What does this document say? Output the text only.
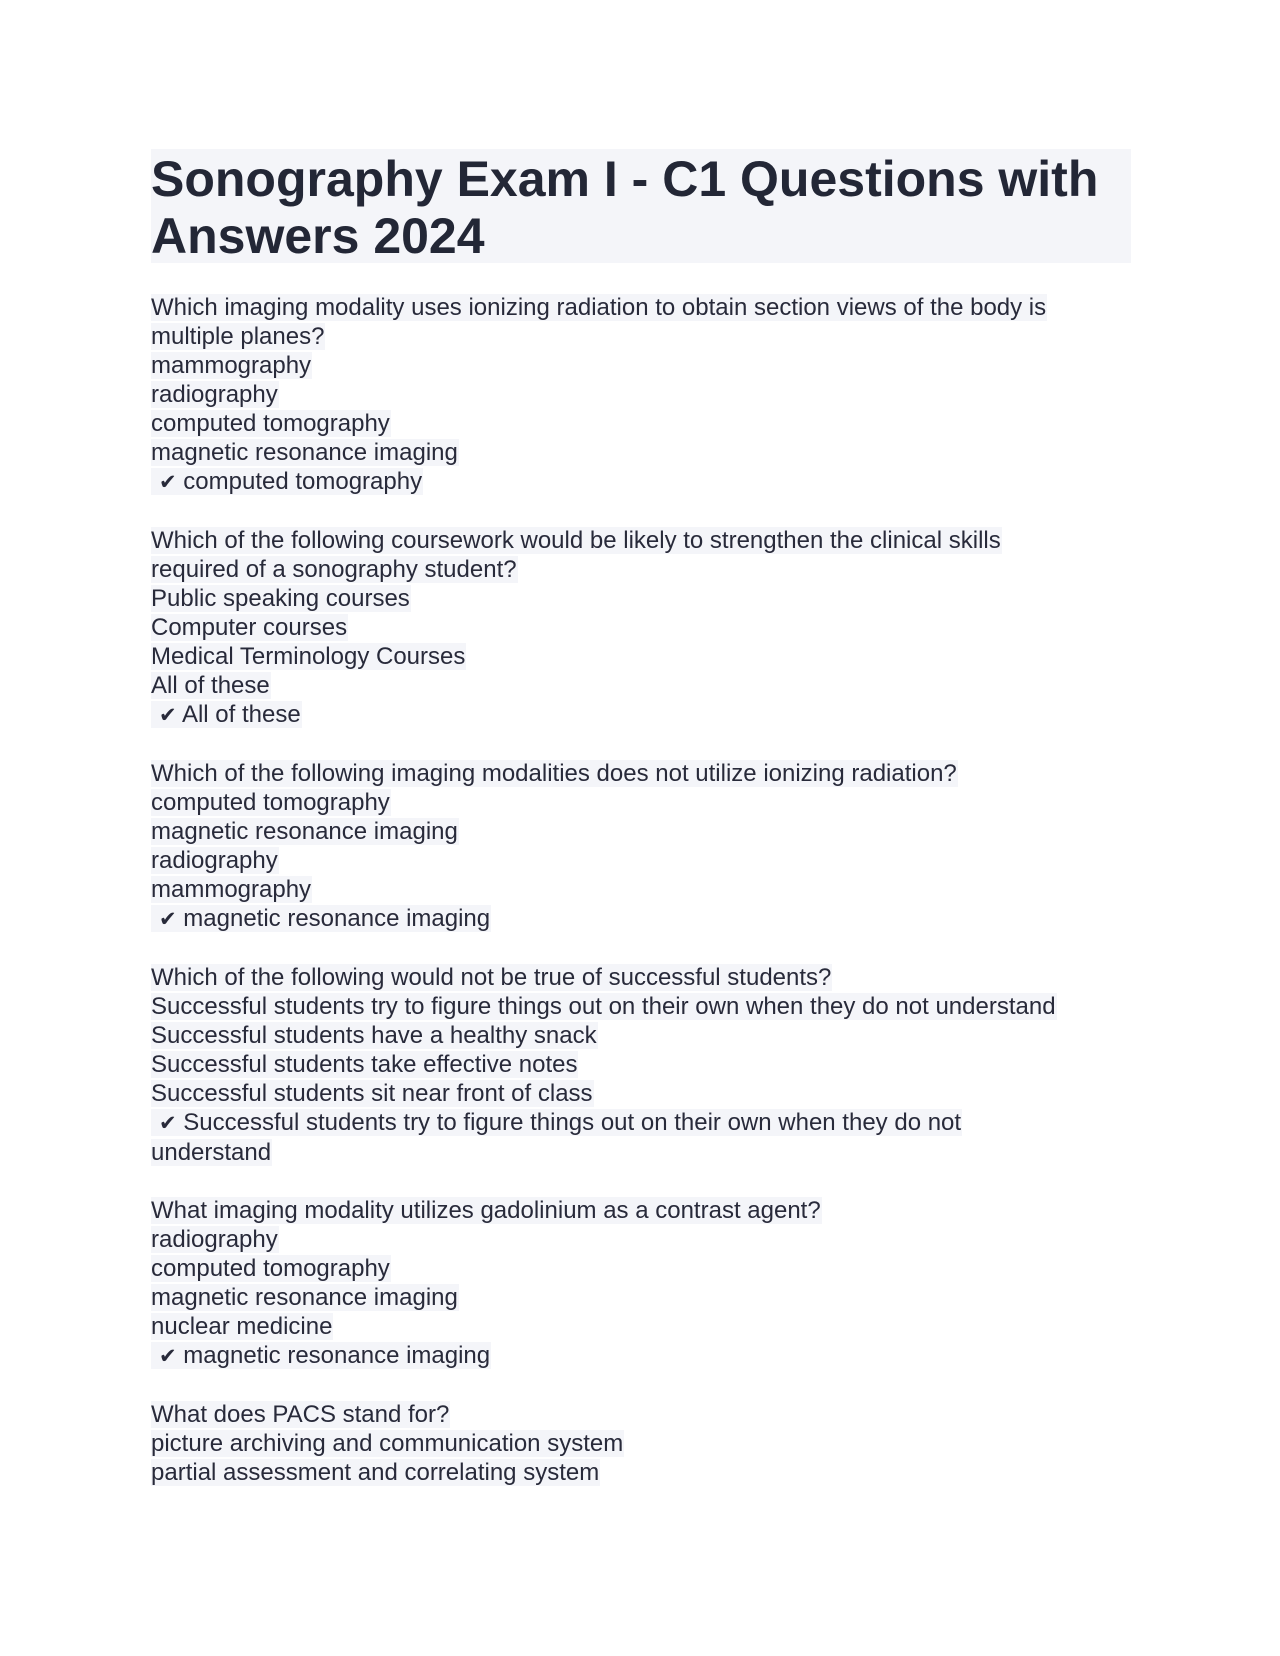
Sonography Exam I - C1 Questions with Answers 2024
Which imaging modality uses ionizing radiation to obtain section views of the body is
multiple planes?
mammography
radiography
computed tomography
magnetic resonance imaging
✔ computed tomography
Which of the following coursework would be likely to strengthen the clinical skills
required of a sonography student?
Public speaking courses
Computer courses
Medical Terminology Courses
All of these
✔ All of these
Which of the following imaging modalities does not utilize ionizing radiation?
computed tomography
magnetic resonance imaging
radiography
mammography
✔ magnetic resonance imaging
Which of the following would not be true of successful students?
Successful students try to figure things out on their own when they do not understand
Successful students have a healthy snack
Successful students take effective notes
Successful students sit near front of class
✔ Successful students try to figure things out on their own when they do not
understand
What imaging modality utilizes gadolinium as a contrast agent?
radiography
computed tomography
magnetic resonance imaging
nuclear medicine
✔ magnetic resonance imaging
What does PACS stand for?
picture archiving and communication system
partial assessment and correlating system
